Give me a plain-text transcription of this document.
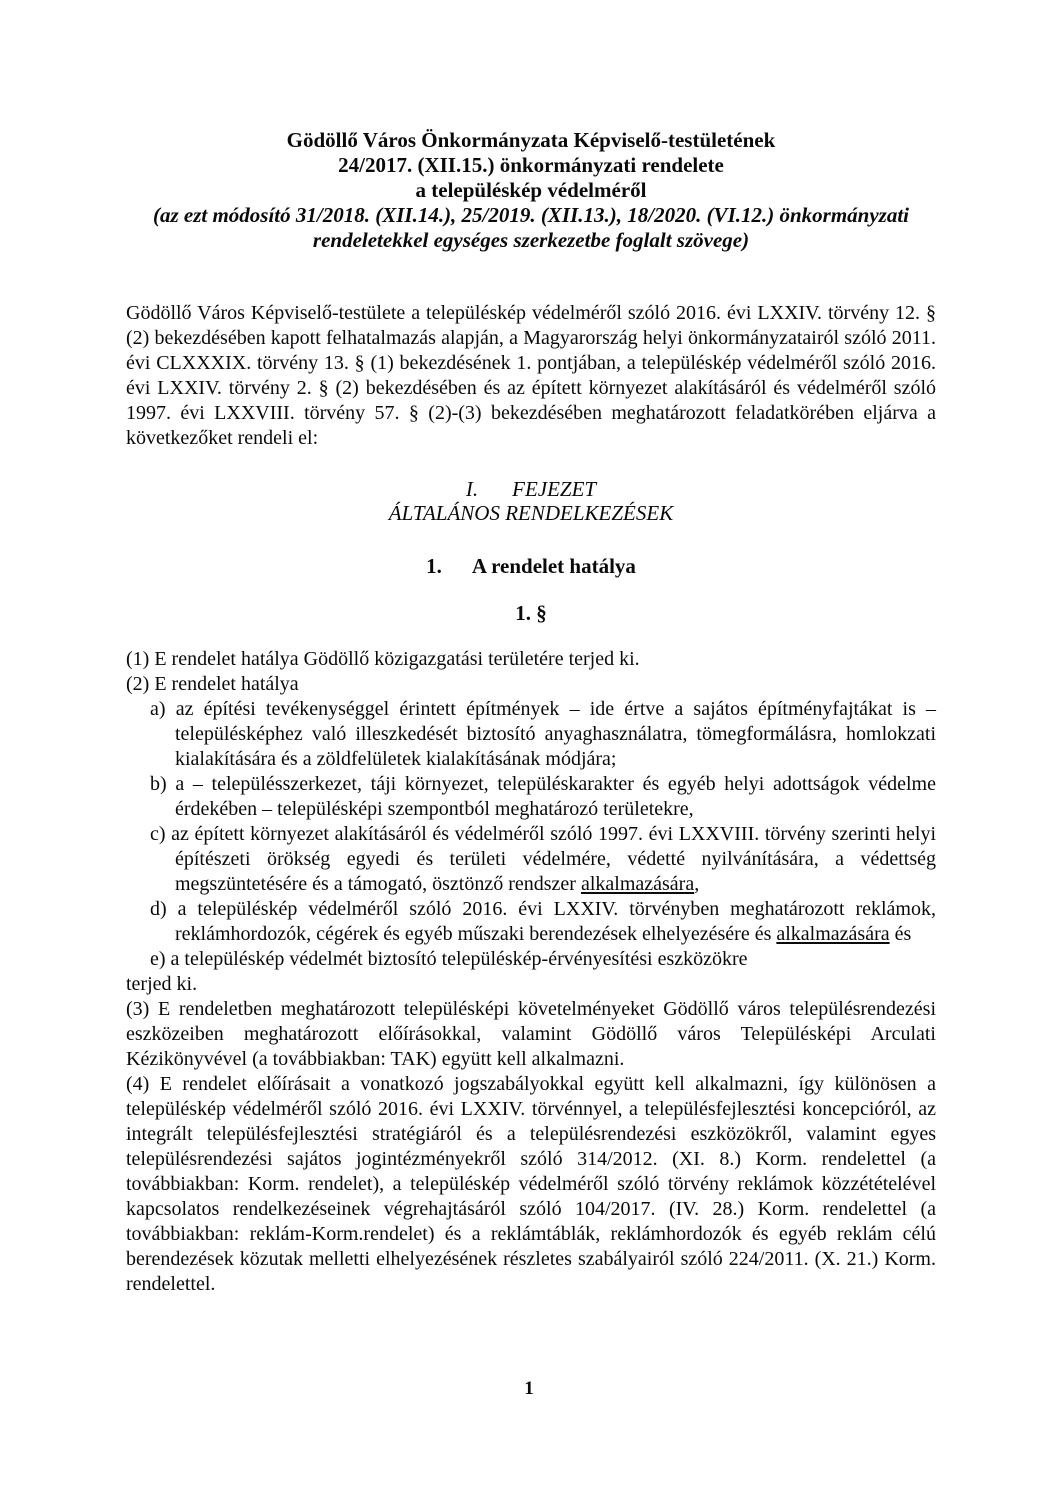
Gödöllő Város Önkormányzata Képviselő-testületének
24/2017. (XII.15.) önkormányzati rendelete
a településkép védelméről
(az ezt módosító 31/2018. (XII.14.), 25/2019. (XII.13.), 18/2020. (VI.12.) önkormányzati rendeletekkel egységes szerkezetbe foglalt szövege)

Gödöllő Város Képviselő-testülete a településkép védelméről szóló 2016. évi LXXIV. törvény 12. § (2) bekezdésében kapott felhatalmazás alapján, a Magyarország helyi önkormányzatairól szóló 2011. évi CLXXXIX. törvény 13. § (1) bekezdésének 1. pontjában, a településkép védelméről szóló 2016. évi LXXIV. törvény 2. § (2) bekezdésében és az épített környezet alakításáról és védelméről szóló 1997. évi LXXVIII. törvény 57. § (2)-(3) bekezdésében meghatározott feladatkörében eljárva a következőket rendeli el:

I. FEJEZET
ÁLTALÁNOS RENDELKEZÉSEK
1. A rendelet hatálya
1. §

(1) E rendelet hatálya Gödöllő közigazgatási területére terjed ki.

(2) E rendelet hatálya

a) az építési tevékenységgel érintett építmények – ide értve a sajátos építményfajtákat is – településképhez való illeszkedését biztosító anyaghasználatra, tömegformálásra, homlokzati kialakítására és a zöldfelületek kialakításának módjára;
b) a – településszerkezet, táji környezet, településkarakter és egyéb helyi adottságok védelme érdekében – településképi szempontból meghatározó területekre,
c) az épített környezet alakításáról és védelméről szóló 1997. évi LXXVIII. törvény szerinti helyi építészeti örökség egyedi és területi védelmére, védetté nyilvánítására, a védettség megszüntetésére és a támogató, ösztönző rendszer alkalmazására,
d) a településkép védelméről szóló 2016. évi LXXIV. törvényben meghatározott reklámok, reklámhordozók, cégérek és egyéb műszaki berendezések elhelyezésére és alkalmazására és
e) a településkép védelmét biztosító településkép-érvényesítési eszközökre

terjed ki.

(3) E rendeletben meghatározott településképi követelményeket Gödöllő város településrendezési eszközeiben meghatározott előírásokkal, valamint Gödöllő város Településképi Arculati Kézikönyvével (a továbbiakban: TAK) együtt kell alkalmazni.

(4) E rendelet előírásait a vonatkozó jogszabályokkal együtt kell alkalmazni, így különösen a településkép védelméről szóló 2016. évi LXXIV. törvénnyel, a településfejlesztési koncepcióról, az integrált településfejlesztési stratégiáról és a településrendezési eszközökről, valamint egyes településrendezési sajátos jogintézményekről szóló 314/2012. (XI. 8.) Korm. rendelettel (a továbbiakban: Korm. rendelet), a településkép védelméről szóló törvény reklámok közzétételével kapcsolatos rendelkezéseinek végrehajtásáról szóló 104/2017. (IV. 28.) Korm. rendelettel (a továbbiakban: reklám-Korm.rendelet) és a reklámtáblák, reklámhordozók és egyéb reklám célú berendezések közutak melletti elhelyezésének részletes szabályairól szóló 224/2011. (X. 21.) Korm. rendelettel.

1
